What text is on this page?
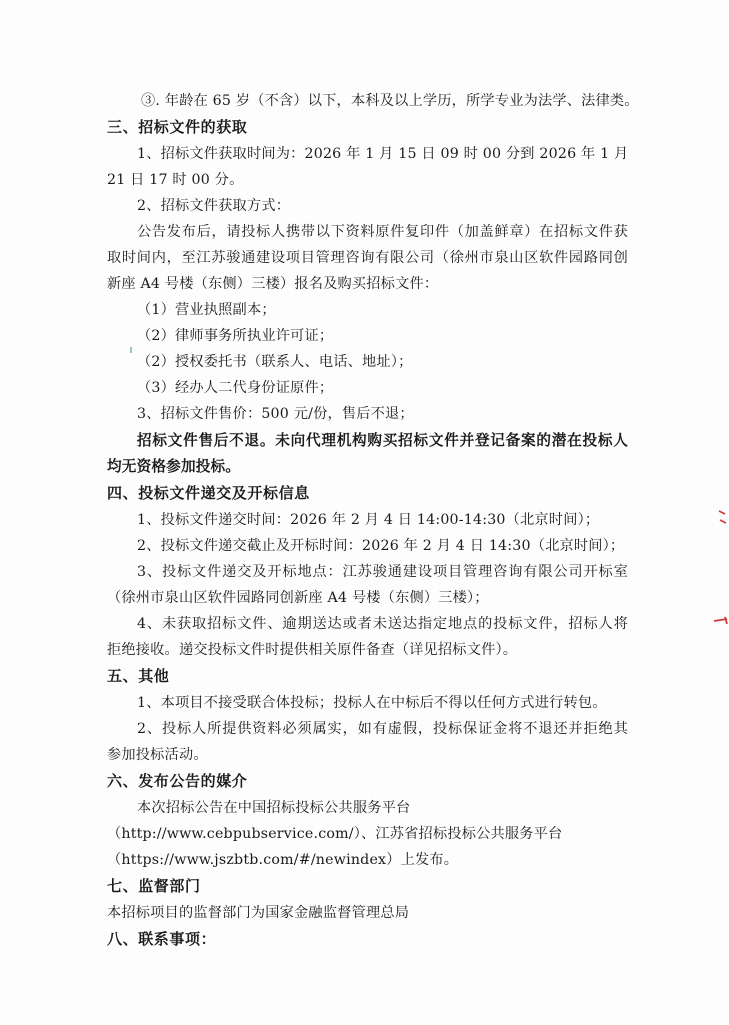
③. 年龄在 65 岁（不含）以下，本科及以上学历，所学专业为法学、法律类。
三、招标文件的获取
1、招标文件获取时间为：2026 年 1 月 15 日 09 时 00 分到 2026 年 1 月
21 日 17 时 00 分。
2、招标文件获取方式：
公告发布后，请投标人携带以下资料原件复印件（加盖鲜章）在招标文件获
取时间内，至江苏骏通建设项目管理咨询有限公司（徐州市泉山区软件园路同创
新座 A4 号楼（东侧）三楼）报名及购买招标文件：
（1）营业执照副本；
（2）律师事务所执业许可证；
（2）授权委托书（联系人、电话、地址）；
（3）经办人二代身份证原件；
3、招标文件售价：500 元/份，售后不退；
招标文件售后不退。未向代理机构购买招标文件并登记备案的潜在投标人
均无资格参加投标。
四、投标文件递交及开标信息
1、投标文件递交时间：2026 年 2 月 4 日 14:00-14:30（北京时间）；
2、投标文件递交截止及开标时间：2026 年 2 月 4 日 14:30（北京时间）；
3、投标文件递交及开标地点：江苏骏通建设项目管理咨询有限公司开标室
（徐州市泉山区软件园路同创新座 A4 号楼（东侧）三楼）；
4、未获取招标文件、逾期送达或者未送达指定地点的投标文件，招标人将
拒绝接收。递交投标文件时提供相关原件备查（详见招标文件）。
五、其他
1、本项目不接受联合体投标；投标人在中标后不得以任何方式进行转包。
2、投标人所提供资料必须属实，如有虚假，投标保证金将不退还并拒绝其
参加投标活动。
六、发布公告的媒介
本次招标公告在中国招标投标公共服务平台
（http://www.cebpubservice.com/）、江苏省招标投标公共服务平台
（https://www.jszbtb.com/#/newindex）上发布。
七、监督部门
本招标项目的监督部门为国家金融监督管理总局
八、联系事项：
